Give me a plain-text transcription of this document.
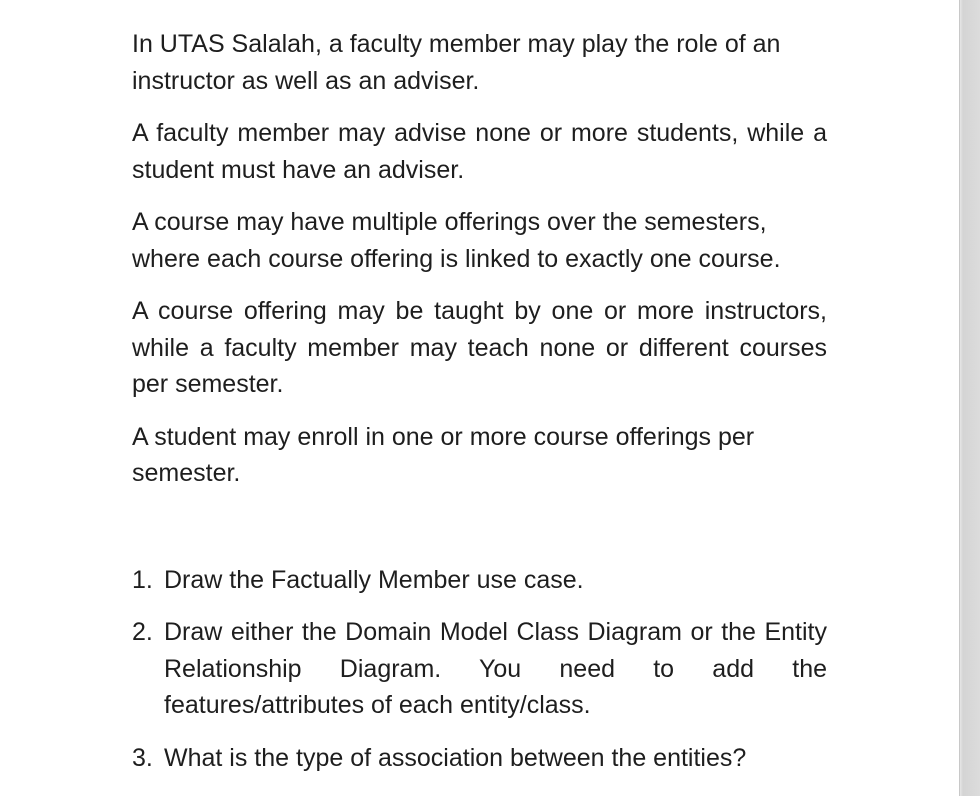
In UTAS Salalah, a faculty member may play the role of an instructor as well as an adviser.

A faculty member may advise none or more students, while a student must have an adviser.

A course may have multiple offerings over the semesters, where each course offering is linked to exactly one course.

A course offering may be taught by one or more instructors, while a faculty member may teach none or different courses per semester.

A student may enroll in one or more course offerings per semester.

1. Draw the Factually Member use case.
2. Draw either the Domain Model Class Diagram or the Entity Relationship Diagram. You need to add the features/attributes of each entity/class.
3. What is the type of association between the entities?
